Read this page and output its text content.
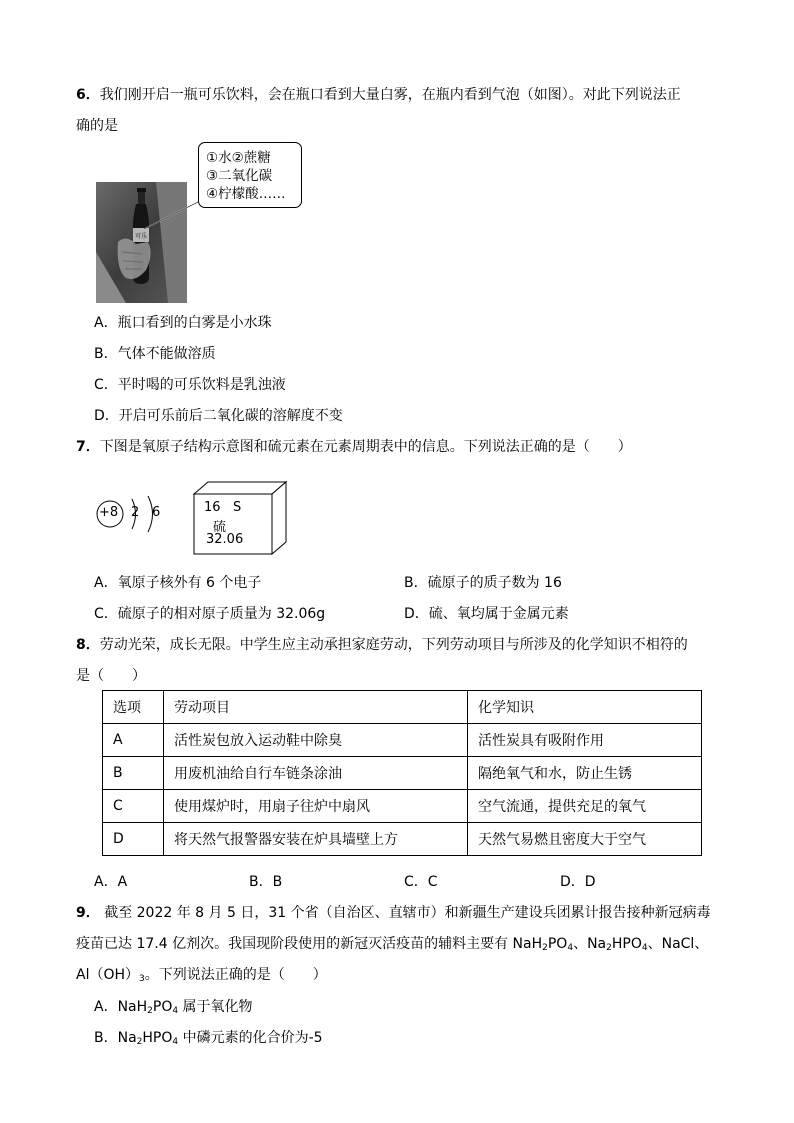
6．我们刚开启一瓶可乐饮料，会在瓶口看到大量白雾，在瓶内看到气泡（如图）。对此下列说法正
确的是
可乐
①水②蔗糖
③二氧化碳
④柠檬酸……
A．瓶口看到的白雾是小水珠
B．气体不能做溶质
C．平时喝的可乐饮料是乳浊液
D．开启可乐前后二氧化碳的溶解度不变
7．下图是氧原子结构示意图和硫元素在元素周期表中的信息。下列说法正确的是（　　）
+8 2 6	16 S
硫
32.06
A．氧原子核外有 6 个电子	B．硫原子的质子数为 16
C．硫原子的相对原子质量为 32.06g	D．硫、氧均属于金属元素
8．劳动光荣，成长无限。中学生应主动承担家庭劳动，下列劳动项目与所涉及的化学知识不相符的
是（　　）
选项	劳动项目	化学知识
A	活性炭包放入运动鞋中除臭	活性炭具有吸附作用
B	用废机油给自行车链条涂油	隔绝氧气和水，防止生锈
C	使用煤炉时，用扇子往炉中扇风	空气流通，提供充足的氧气
D	将天然气报警器安装在炉具墙壁上方	天然气易燃且密度大于空气
A．A	B．B	C．C	D．D
9． 截至 2022 年 8 月 5 日，31 个省（自治区、直辖市）和新疆生产建设兵团累计报告接种新冠病毒
疫苗已达 17.4 亿剂次。我国现阶段使用的新冠灭活疫苗的辅料主要有 $NaH_2PO_4$、$Na_2HPO_4$、NaCl、
$Al(OH)_3$。下列说法正确的是（　　）
A．$NaH_2PO_4$ 属于氧化物
B．$Na_2HPO_4$ 中磷元素的化合价为-5
